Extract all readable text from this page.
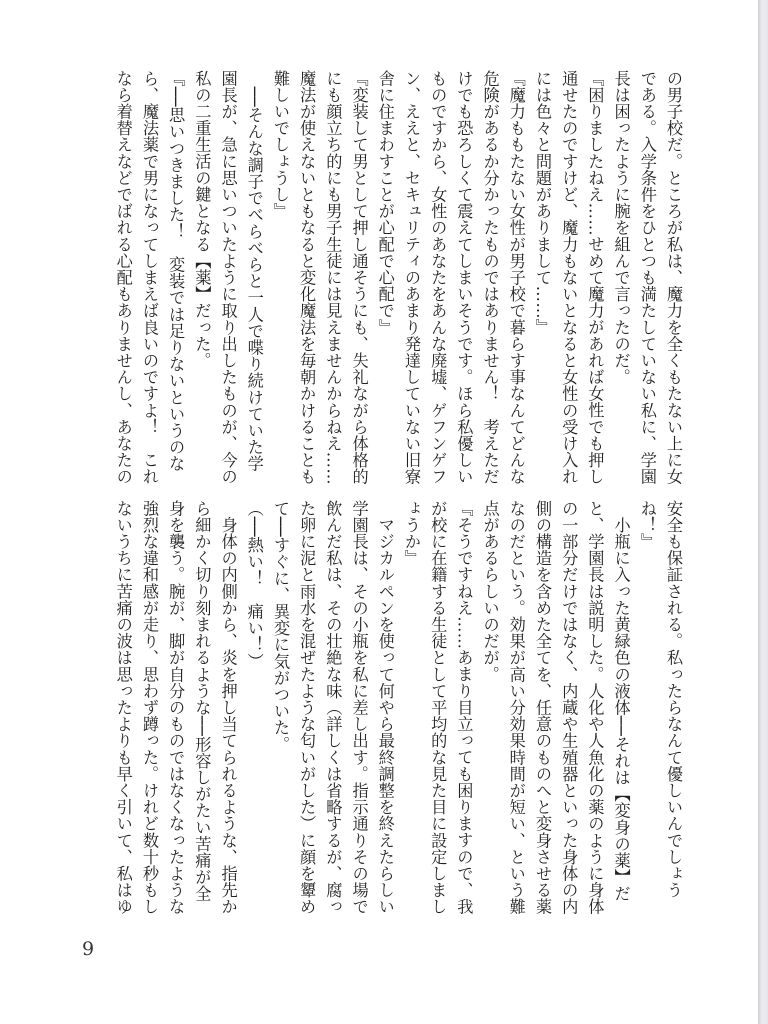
の男子校だ。ところが私は、魔力を全くもたない上に女
である。入学条件をひとつも満たしていない私に、学園
長は困ったように腕を組んで言ったのだ。
『困りましたねえ……せめて魔力があれば女性でも押し
通せたのですけど、魔力もないとなると女性の受け入れ
には色々と問題がありまして……』
『魔力ももたない女性が男子校で暮らす事なんてどんな
危険があるか分かったものではありません！　考えただ
けでも恐ろしくて震えてしまいそうです。ほら私優しい
ものですから、女性のあなたをあんな廃墟、ゲフンゲフ
ン、ええと、セキュリティのあまり発達していない旧寮
舎に住まわすことが心配で心配で』
『変装して男として押し通そうにも、失礼ながら体格的
にも顔立ち的にも男子生徒には見えませんからねえ……
魔法が使えないともなると変化魔法を毎朝かけることも
難しいでしょうし』
　──そんな調子でべらべらと一人で喋り続けていた学
園長が、急に思いついたように取り出したものが、今の
私の二重生活の鍵となる【薬】だった。
『──思いつきました！　変装では足りないというのな
ら、魔法薬で男になってしまえば良いのですよ！　これ
なら着替えなどでばれる心配もありませんし、あなたの
安全も保証される。私ったらなんて優しいんでしょう
ね！』
　小瓶に入った黄緑色の液体──それは【変身の薬】だ
と、学園長は説明した。人化や人魚化の薬のように身体
の一部分だけではなく、内蔵や生殖器といった身体の内
側の構造を含めた全てを、任意のものへと変身させる薬
なのだという。効果が高い分効果時間が短い、という難
点があるらしいのだが。
『そうですねえ……あまり目立っても困りますので、我
が校に在籍する生徒として平均的な見た目に設定しまし
ょうか』
　マジカルペンを使って何やら最終調整を終えたらしい
学園長は、その小瓶を私に差し出す。指示通りその場で
飲んだ私は、その壮絶な味（詳しくは省略するが、腐っ
た卵に泥と雨水を混ぜたような匂いがした）に顔を顰め
て──すぐに、異変に気がついた。
（──熱い！　痛い！）
　身体の内側から、炎を押し当てられるような、指先か
ら細かく切り刻まれるような──形容しがたい苦痛が全
身を襲う。腕が、脚が自分のものではなくなったような
強烈な違和感が走り、思わず蹲った。けれど数十秒もし
ないうちに苦痛の波は思ったよりも早く引いて、私はゆ
9
